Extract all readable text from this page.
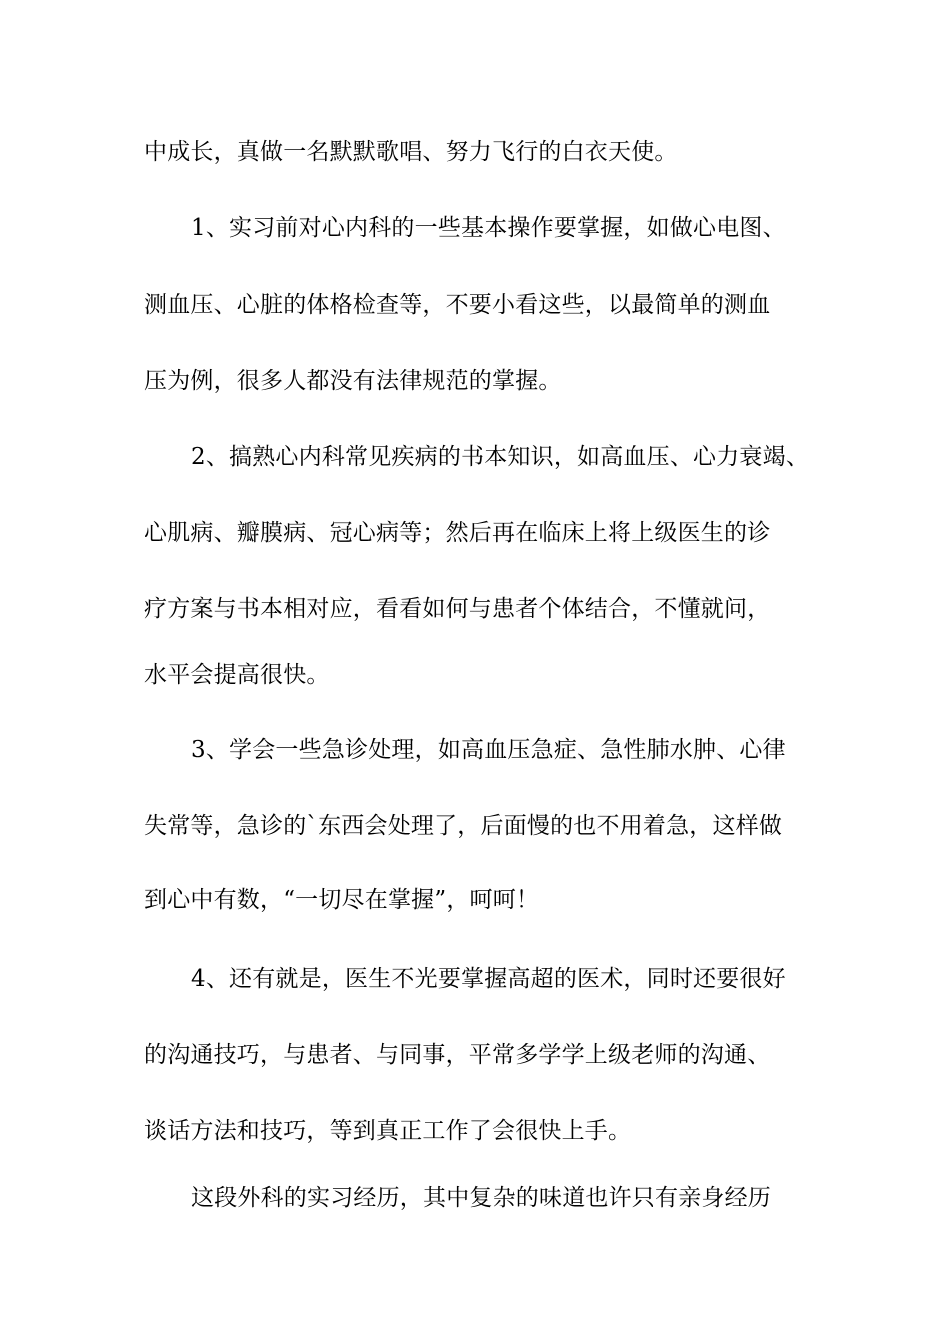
中成长，真做一名默默歌唱、努力飞行的白衣天使。
1、实习前对心内科的一些基本操作要掌握，如做心电图、
测血压、心脏的体格检查等，不要小看这些，以最简单的测血
压为例，很多人都没有法律规范的掌握。
2、搞熟心内科常见疾病的书本知识，如高血压、心力衰竭、
心肌病、瓣膜病、冠心病等；然后再在临床上将上级医生的诊
疗方案与书本相对应，看看如何与患者个体结合，不懂就问，
水平会提高很快。
3、学会一些急诊处理，如高血压急症、急性肺水肿、心律
失常等，急诊的`东西会处理了，后面慢的也不用着急，这样做
到心中有数，“一切尽在掌握”，呵呵！
4、还有就是，医生不光要掌握高超的医术，同时还要很好
的沟通技巧，与患者、与同事，平常多学学上级老师的沟通、
谈话方法和技巧，等到真正工作了会很快上手。
这段外科的实习经历，其中复杂的味道也许只有亲身经历
